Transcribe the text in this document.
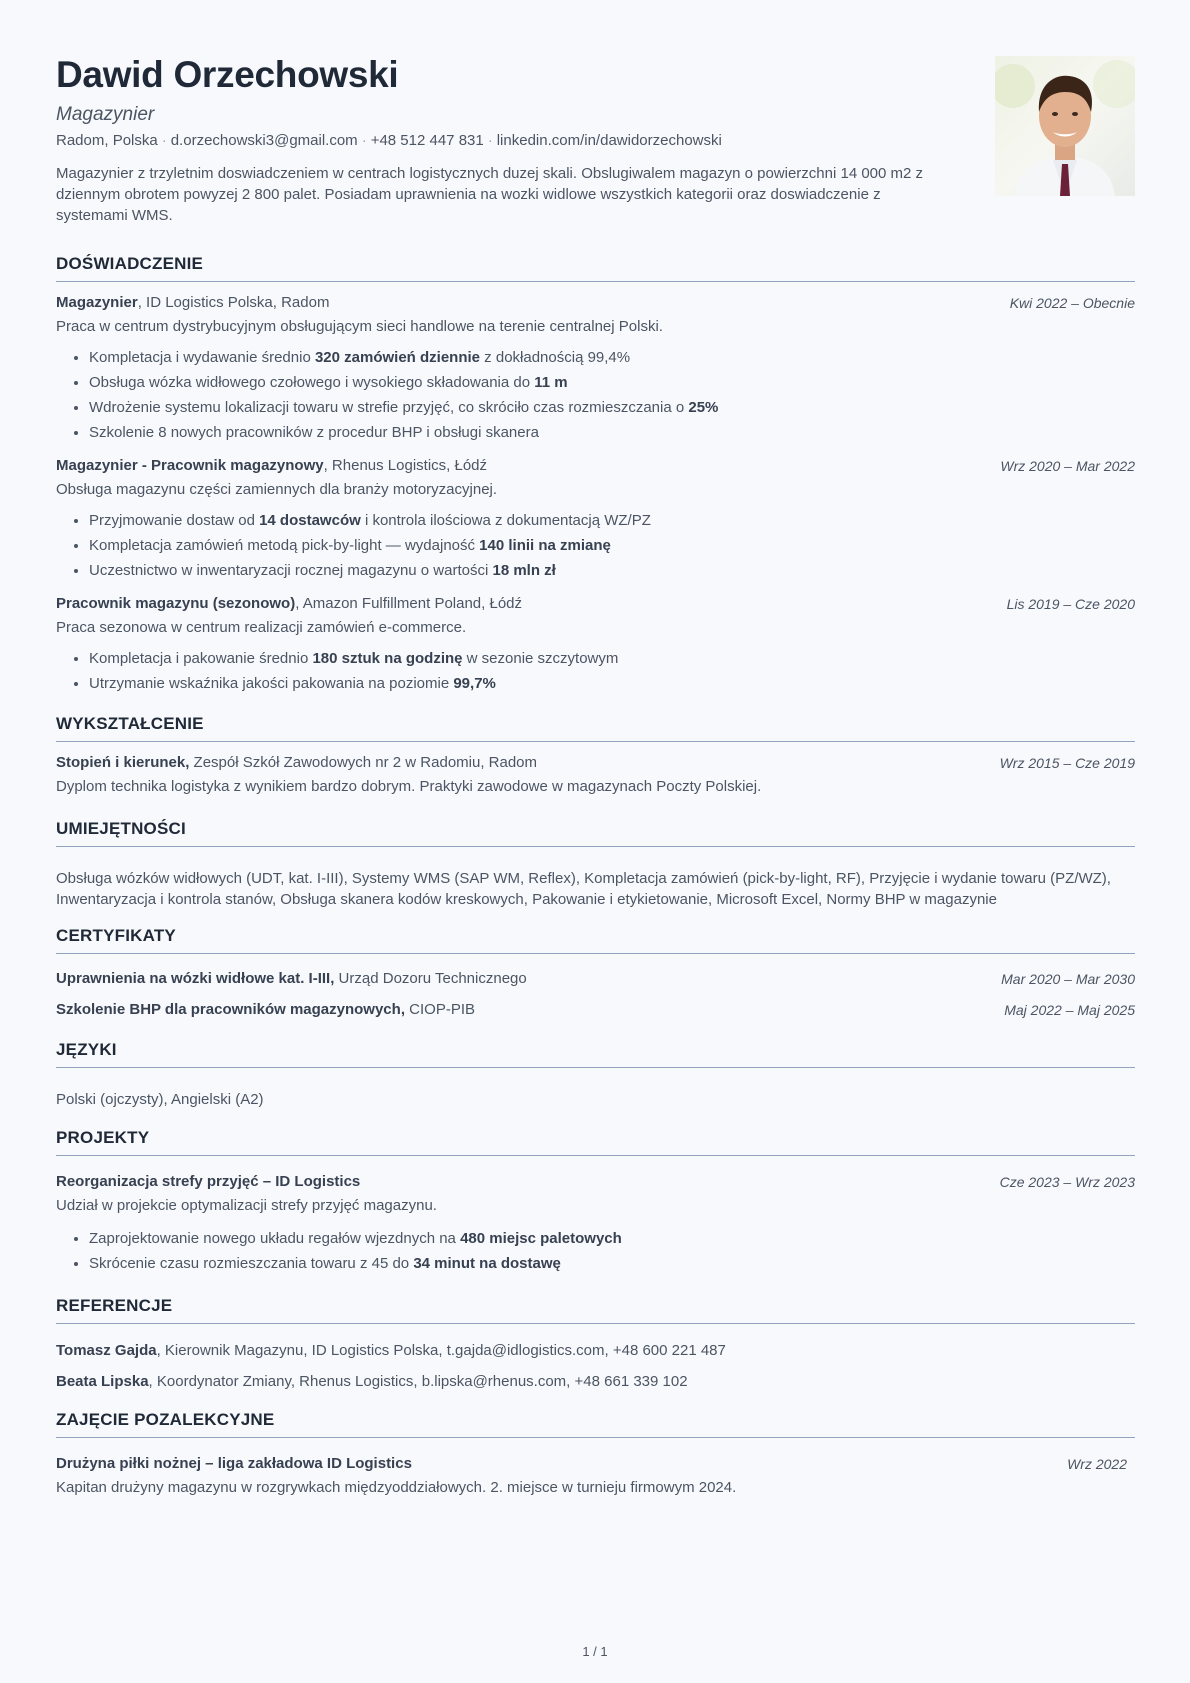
Dawid Orzechowski
Magazynier
Radom, Polska · d.orzechowski3@gmail.com · +48 512 447 831 · linkedin.com/in/dawidorzechowski

Magazynier z trzyletnim doswiadczeniem w centrach logistycznych duzej skali. Obslugiwalem magazyn o powierzchni 14 000 m2 z dziennym obrotem powyzej 2 800 palet. Posiadam uprawnienia na wozki widlowe wszystkich kategorii oraz doswiadczenie z systemami WMS.

DOŚWIADCZENIE
Magazynier, ID Logistics Polska, Radom	Kwi 2022 – Obecnie

Praca w centrum dystrybucyjnym obsługującym sieci handlowe na terenie centralnej Polski.

• Kompletacja i wydawanie średnio 320 zamówień dziennie z dokładnością 99,4%
• Obsługa wózka widłowego czołowego i wysokiego składowania do 11 m
• Wdrożenie systemu lokalizacji towaru w strefie przyjęć, co skróciło czas rozmieszczania o 25%
• Szkolenie 8 nowych pracowników z procedur BHP i obsługi skanera
Magazynier - Pracownik magazynowy, Rhenus Logistics, Łódź	Wrz 2020 – Mar 2022

Obsługa magazynu części zamiennych dla branży motoryzacyjnej.

• Przyjmowanie dostaw od 14 dostawców i kontrola ilościowa z dokumentacją WZ/PZ
• Kompletacja zamówień metodą pick-by-light — wydajność 140 linii na zmianę
• Uczestnictwo w inwentaryzacji rocznej magazynu o wartości 18 mln zł
Pracownik magazynu (sezonowo), Amazon Fulfillment Poland, Łódź	Lis 2019 – Cze 2020

Praca sezonowa w centrum realizacji zamówień e-commerce.

• Kompletacja i pakowanie średnio 180 sztuk na godzinę w sezonie szczytowym
• Utrzymanie wskaźnika jakości pakowania na poziomie 99,7%
WYKSZTAŁCENIE
Stopień i kierunek, Zespół Szkół Zawodowych nr 2 w Radomiu, Radom	Wrz 2015 – Cze 2019

Dyplom technika logistyka z wynikiem bardzo dobrym. Praktyki zawodowe w magazynach Poczty Polskiej.

UMIEJĘTNOŚCI

Obsługa wózków widłowych (UDT, kat. I-III), Systemy WMS (SAP WM, Reflex), Kompletacja zamówień (pick-by-light, RF), Przyjęcie i wydanie towaru (PZ/WZ), Inwentaryzacja i kontrola stanów, Obsługa skanera kodów kreskowych, Pakowanie i etykietowanie, Microsoft Excel, Normy BHP w magazynie

CERTYFIKATY
Uprawnienia na wózki widłowe kat. I-III, Urząd Dozoru Technicznego	Mar 2020 – Mar 2030
Szkolenie BHP dla pracowników magazynowych, CIOP-PIB	Maj 2022 – Maj 2025
JĘZYKI
Polski (ojczysty), Angielski (A2)
PROJEKTY
Reorganizacja strefy przyjęć – ID Logistics	Cze 2023 – Wrz 2023

Udział w projekcie optymalizacji strefy przyjęć magazynu.

• Zaprojektowanie nowego układu regałów wjezdnych na 480 miejsc paletowych
• Skrócenie czasu rozmieszczania towaru z 45 do 34 minut na dostawę
REFERENCJE
Tomasz Gajda, Kierownik Magazynu, ID Logistics Polska, t.gajda@idlogistics.com, +48 600 221 487
Beata Lipska, Koordynator Zmiany, Rhenus Logistics, b.lipska@rhenus.com, +48 661 339 102
ZAJĘCIE POZALEKCYJNE
Drużyna piłki nożnej – liga zakładowa ID Logistics	Wrz 2022

Kapitan drużyny magazynu w rozgrywkach międzyoddziałowych. 2. miejsce w turnieju firmowym 2024.

1 / 1
